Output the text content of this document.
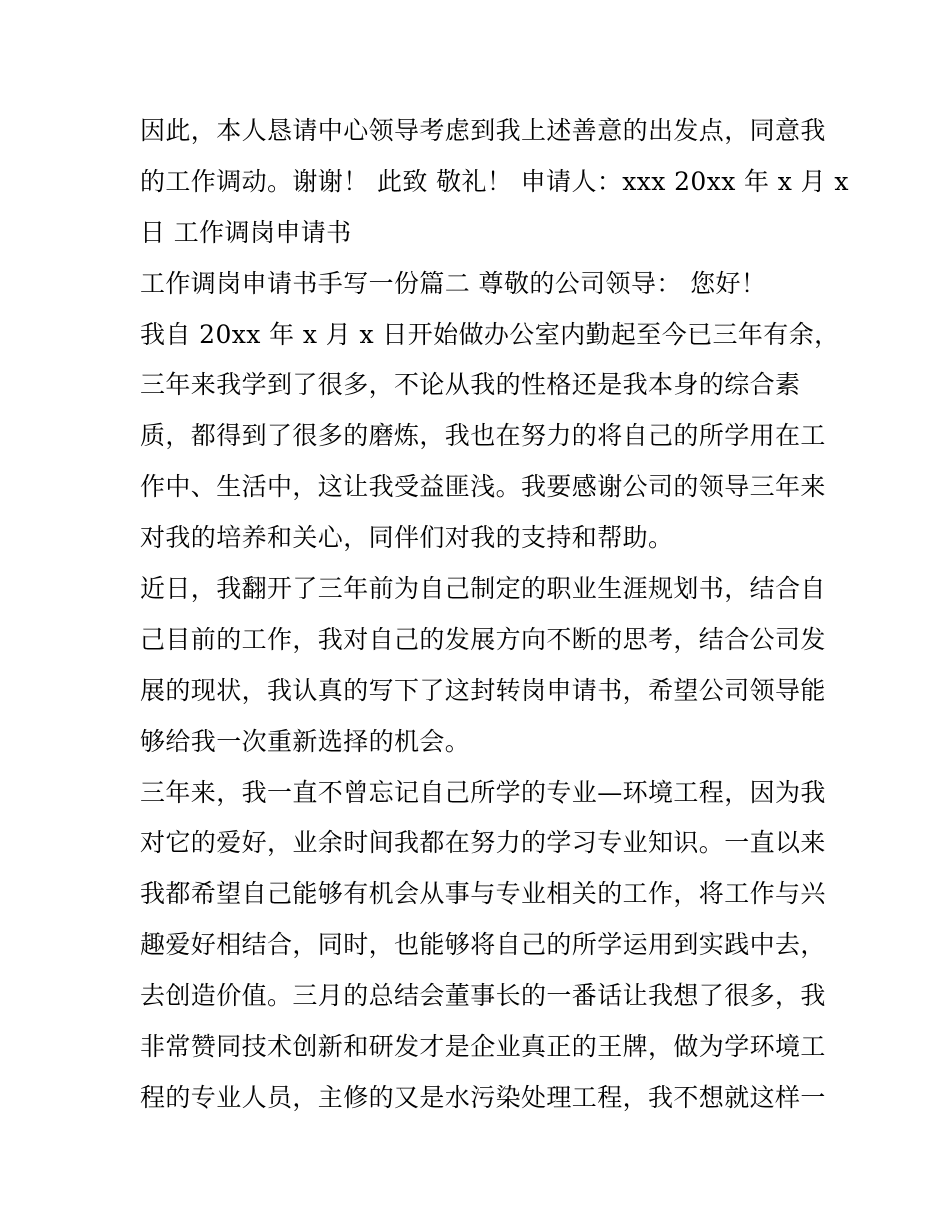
因此，本人恳请中心领导考虑到我上述善意的出发点，同意我
的工作调动。谢谢！ 此致 敬礼！ 申请人：xxx 20xx 年 x 月 x
日 工作调岗申请书
工作调岗申请书手写一份篇二 尊敬的公司领导： 您好！
我自 20xx 年 x 月 x 日开始做办公室内勤起至今已三年有余，
三年来我学到了很多，不论从我的性格还是我本身的综合素
质，都得到了很多的磨炼，我也在努力的将自己的所学用在工
作中、生活中，这让我受益匪浅。我要感谢公司的领导三年来
对我的培养和关心，同伴们对我的支持和帮助。
近日，我翻开了三年前为自己制定的职业生涯规划书，结合自
己目前的工作，我对自己的发展方向不断的思考，结合公司发
展的现状，我认真的写下了这封转岗申请书，希望公司领导能
够给我一次重新选择的机会。
三年来，我一直不曾忘记自己所学的专业—环境工程，因为我
对它的爱好，业余时间我都在努力的学习专业知识。一直以来
我都希望自己能够有机会从事与专业相关的工作，将工作与兴
趣爱好相结合，同时，也能够将自己的所学运用到实践中去，
去创造价值。三月的总结会董事长的一番话让我想了很多，我
非常赞同技术创新和研发才是企业真正的王牌，做为学环境工
程的专业人员，主修的又是水污染处理工程，我不想就这样一
